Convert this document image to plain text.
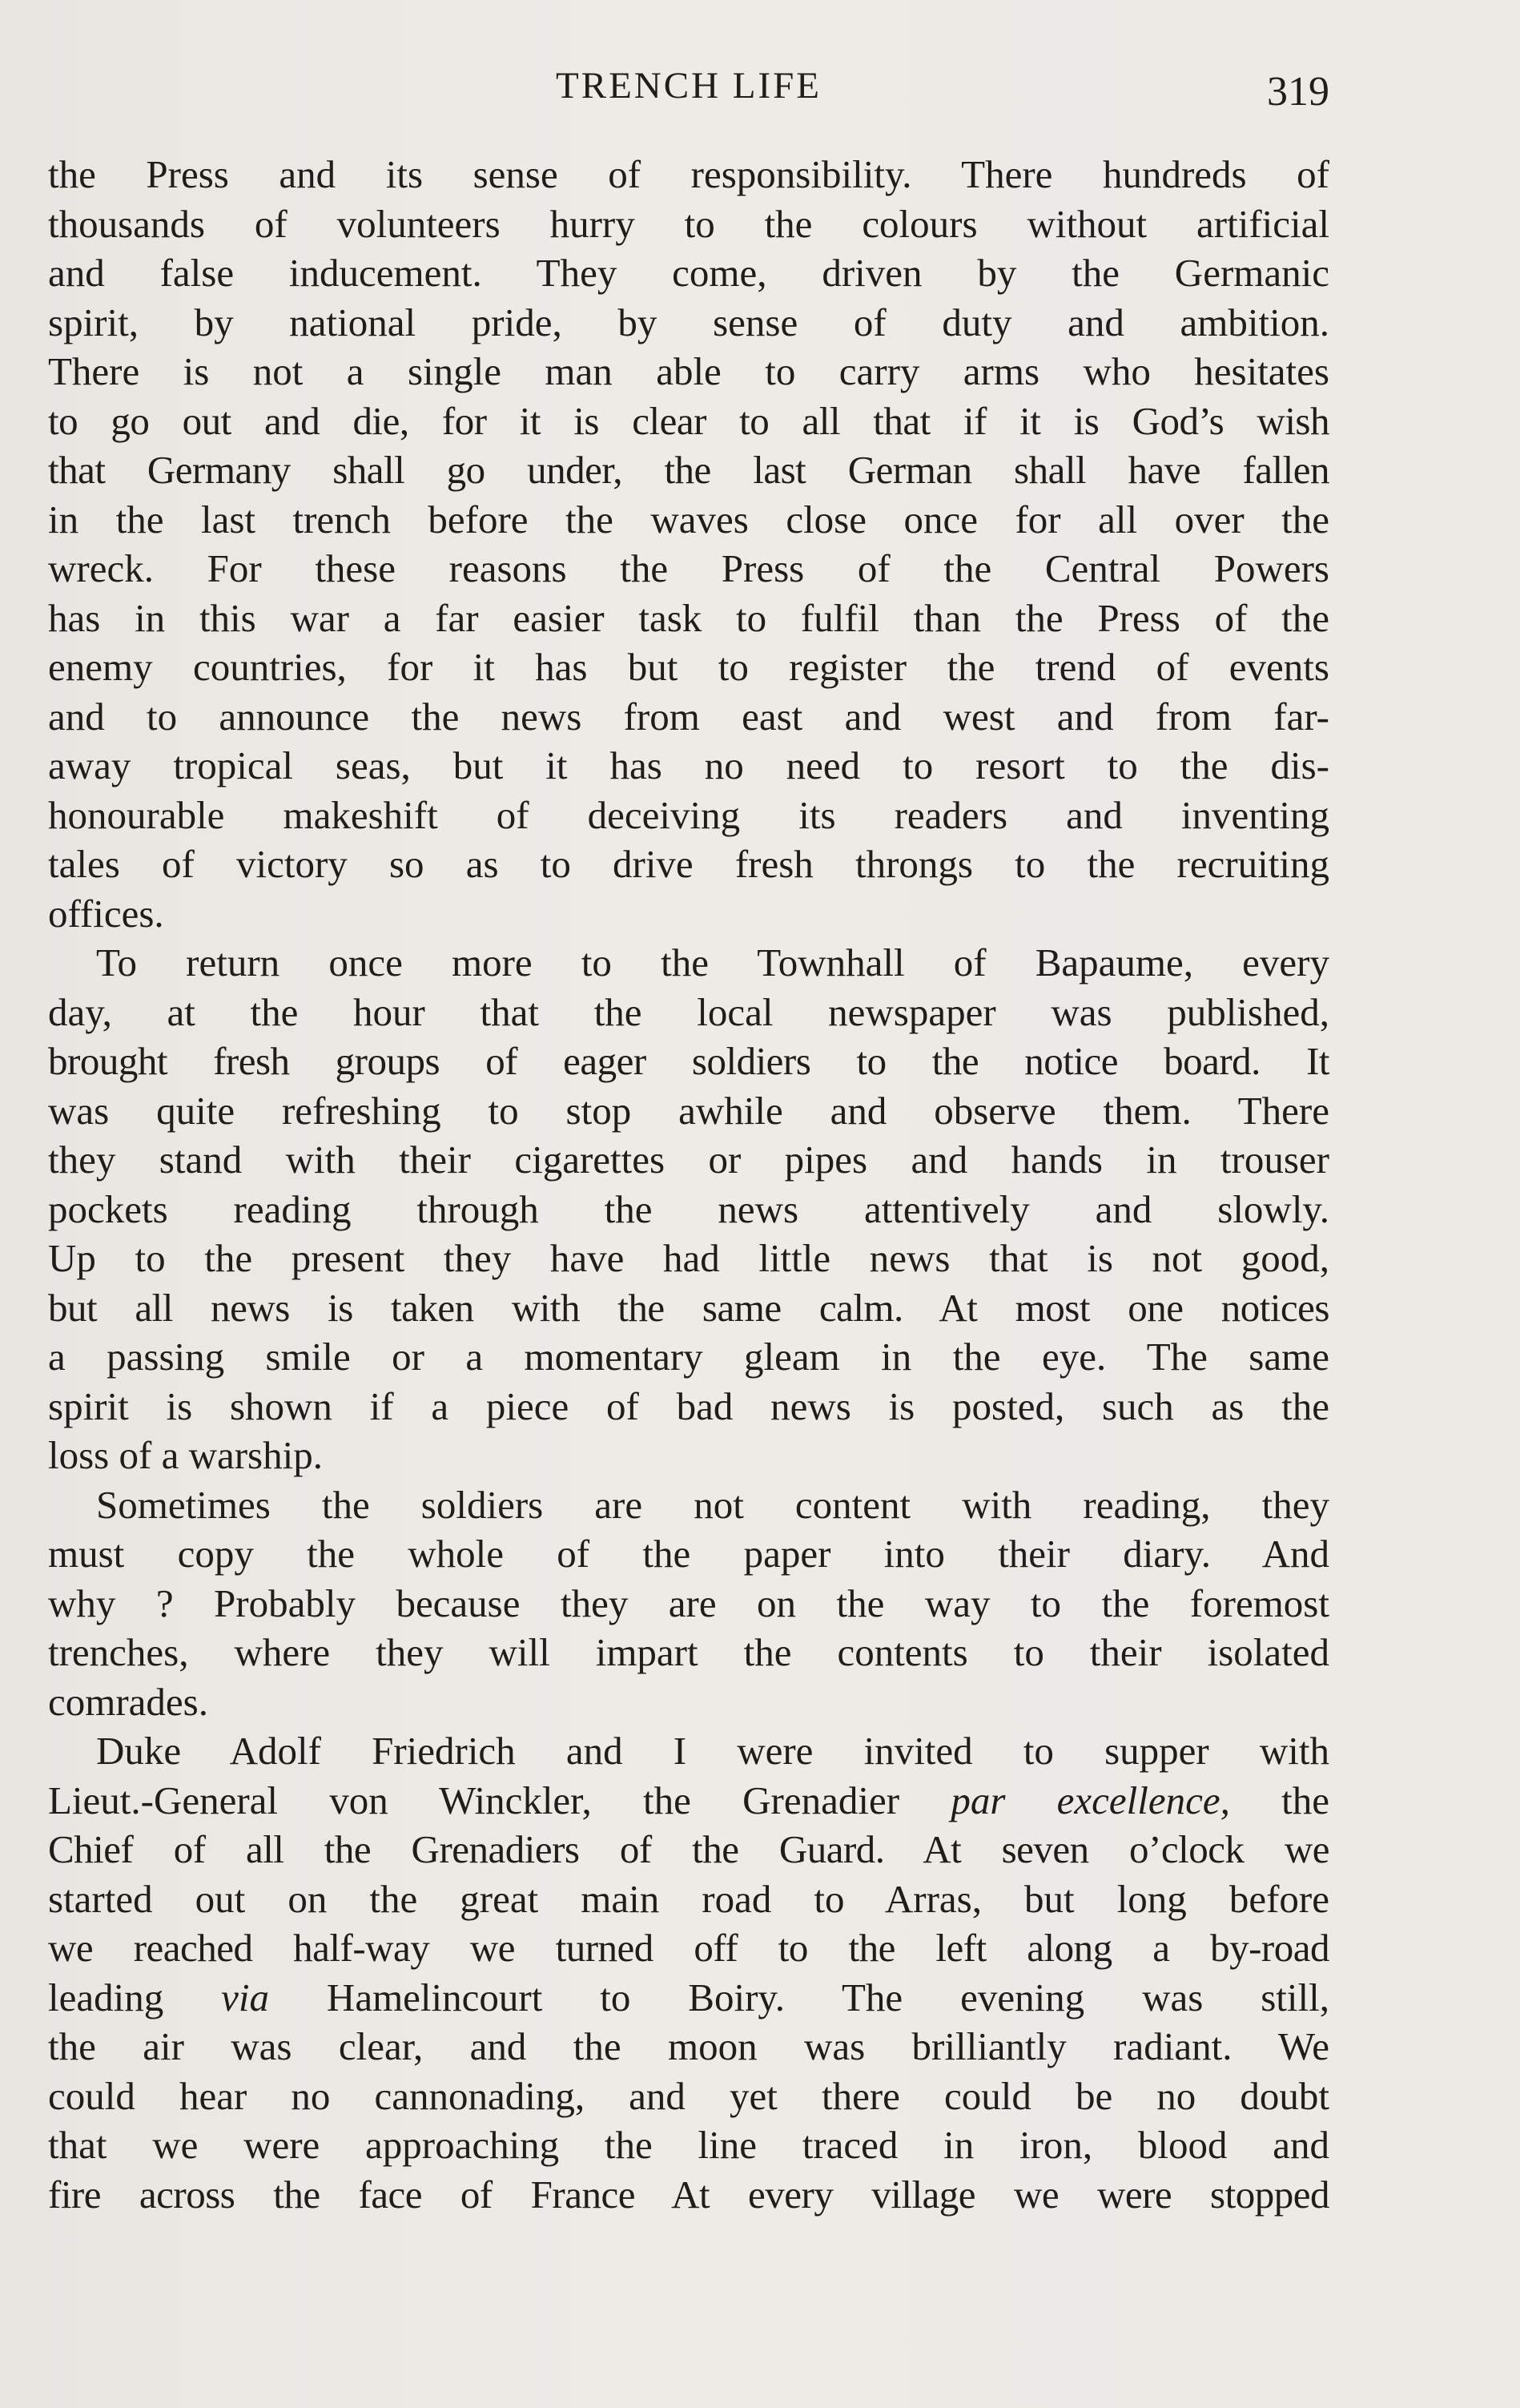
TRENCH LIFE	319
the Press and its sense of responsibility. There hundreds of
thousands of volunteers hurry to the colours without artificial
and false inducement. They come, driven by the Germanic
spirit, by national pride, by sense of duty and ambition.
There is not a single man able to carry arms who hesitates
to go out and die, for it is clear to all that if it is God’s wish
that Germany shall go under, the last German shall have fallen
in the last trench before the waves close once for all over the
wreck. For these reasons the Press of the Central Powers
has in this war a far easier task to fulfil than the Press of the
enemy countries, for it has but to register the trend of events
and to announce the news from east and west and from far-
away tropical seas, but it has no need to resort to the dis-
honourable makeshift of deceiving its readers and inventing
tales of victory so as to drive fresh throngs to the recruiting
offices.
To return once more to the Townhall of Bapaume, every
day, at the hour that the local newspaper was published,
brought fresh groups of eager soldiers to the notice board. It
was quite refreshing to stop awhile and observe them. There
they stand with their cigarettes or pipes and hands in trouser
pockets reading through the news attentively and slowly.
Up to the present they have had little news that is not good,
but all news is taken with the same calm. At most one notices
a passing smile or a momentary gleam in the eye. The same
spirit is shown if a piece of bad news is posted, such as the
loss of a warship.
Sometimes the soldiers are not content with reading, they
must copy the whole of the paper into their diary. And
why ? Probably because they are on the way to the foremost
trenches, where they will impart the contents to their isolated
comrades.
Duke Adolf Friedrich and I were invited to supper with
Lieut.-General von Winckler, the Grenadier par excellence, the
Chief of all the Grenadiers of the Guard. At seven o’clock we
started out on the great main road to Arras, but long before
we reached half-way we turned off to the left along a by-road
leading via Hamelincourt to Boiry. The evening was still,
the air was clear, and the moon was brilliantly radiant. We
could hear no cannonading, and yet there could be no doubt
that we were approaching the line traced in iron, blood and
fire across the face of France At every village we were stopped
